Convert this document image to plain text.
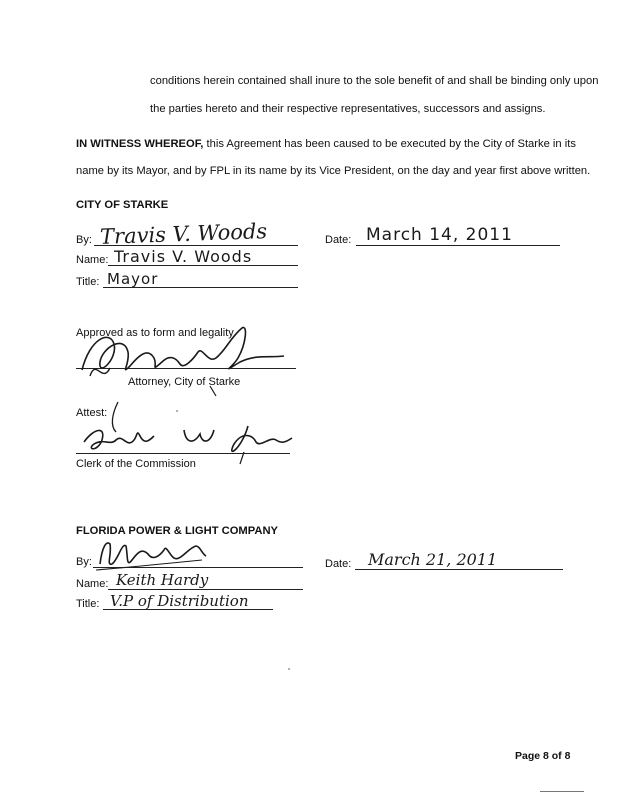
conditions herein contained shall inure to the sole benefit of and shall be binding only upon
the parties hereto and their respective representatives, successors and assigns.
IN WITNESS WHEREOF, this Agreement has been caused to be executed by the City of Starke in its
name by its Mayor, and by FPL in its name by its Vice President, on the day and year first above written.
CITY OF STARKE
By: Travis V. Woods
Name: Travis V. Woods
Title: Mayor
Date: March 14, 2011
Approved as to form and legality
Attorney, City of Starke
Attest:
Clerk of the Commission
FLORIDA POWER & LIGHT COMPANY
By:
Name: Keith Hardy
Title: V.P of Distribution
Date: March 21, 2011
Page 8 of 8
